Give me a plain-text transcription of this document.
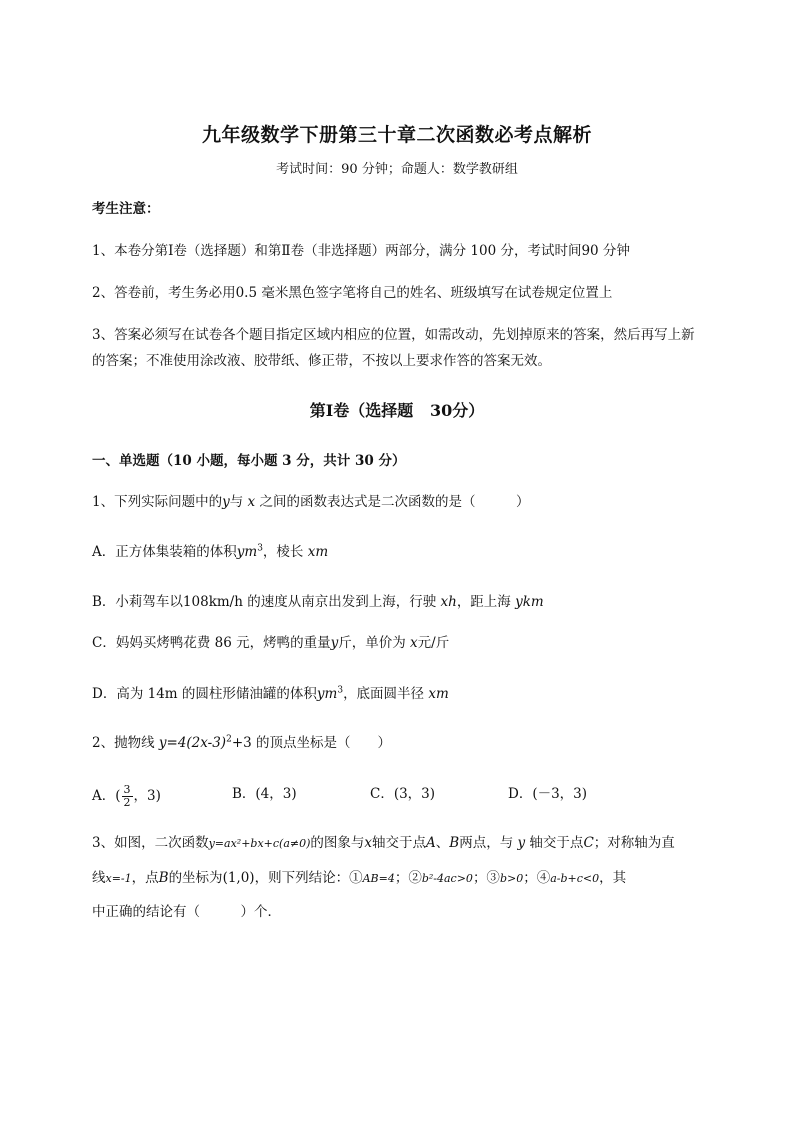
九年级数学下册第三十章二次函数必考点解析
考试时间：90 分钟；命题人：数学教研组
考生注意：
1、本卷分第Ⅰ卷（选择题）和第Ⅱ卷（非选择题）两部分，满分 100 分，考试时间90 分钟
2、答卷前，考生务必用0.5 毫米黑色签字笔将自己的姓名、班级填写在试卷规定位置上
3、答案必须写在试卷各个题目指定区域内相应的位置，如需改动，先划掉原来的答案，然后再写上新
的答案；不准使用涂改液、胶带纸、修正带，不按以上要求作答的答案无效。
第Ⅰ卷（选择题   30分）
一、单选题（10 小题，每小题 3 分，共计 30 分）
1、下列实际问题中的y与 x 之间的函数表达式是二次函数的是（　　　）
A．正方体集装箱的体积$ym^3$，棱长 xm
B．小莉驾车以108km/h 的速度从南京出发到上海，行驶 xh，距上海 ykm
C．妈妈买烤鸭花费 86 元，烤鸭的重量y斤，单价为 x元/斤
D．高为 14m 的圆柱形储油罐的体积$ym^3$，底面圆半径 xm
2、抛物线 $y=4(2x-3)^2+3$ 的顶点坐标是（　　）
A．( $\frac{3}{2}$ ，3)	B．(4，3)	C．(3，3)	D．(－3，3)
3、如图，二次函数y=ax²+bx+c(a≠0)的图象与x轴交于点A、B两点，与 y 轴交于点C；对称轴为直
线x=-1，点B的坐标为(1,0)，则下列结论：①AB=4；②b²-4ac>0；③b>0；④a-b+c<0，其
中正确的结论有（　　　）个．
